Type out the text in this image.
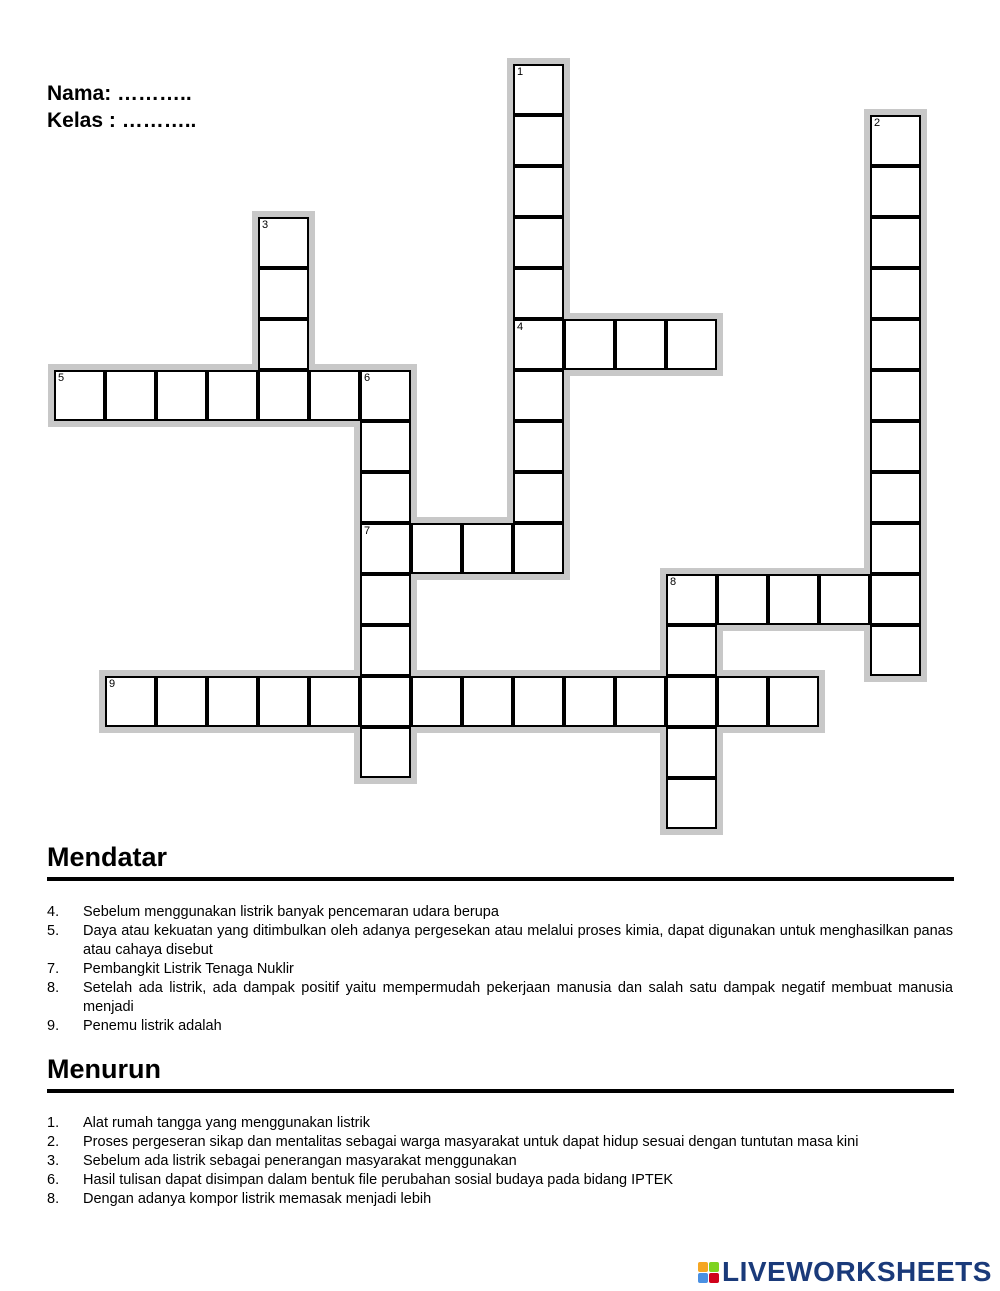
Nama: ………..
Kelas : ………..
1
4
2
3
5	6
7
8
9
Mendatar
4. Sebelum menggunakan listrik banyak pencemaran udara berupa
5. Daya atau kekuatan yang ditimbulkan oleh adanya pergesekan atau melalui proses kimia, dapat digunakan untuk menghasilkan panas atau cahaya disebut
7. Pembangkit Listrik Tenaga Nuklir
8. Setelah ada listrik, ada dampak positif yaitu mempermudah pekerjaan manusia dan salah satu dampak negatif membuat manusia menjadi
9. Penemu listrik adalah
Menurun
1. Alat rumah tangga yang menggunakan listrik
2. Proses pergeseran sikap dan mentalitas sebagai warga masyarakat untuk dapat hidup sesuai dengan tuntutan masa kini
3. Sebelum ada listrik sebagai penerangan masyarakat menggunakan
6. Hasil tulisan dapat disimpan dalam bentuk file perubahan sosial budaya pada bidang IPTEK
8. Dengan adanya kompor listrik memasak menjadi lebih
LIVEWORKSHEETS
